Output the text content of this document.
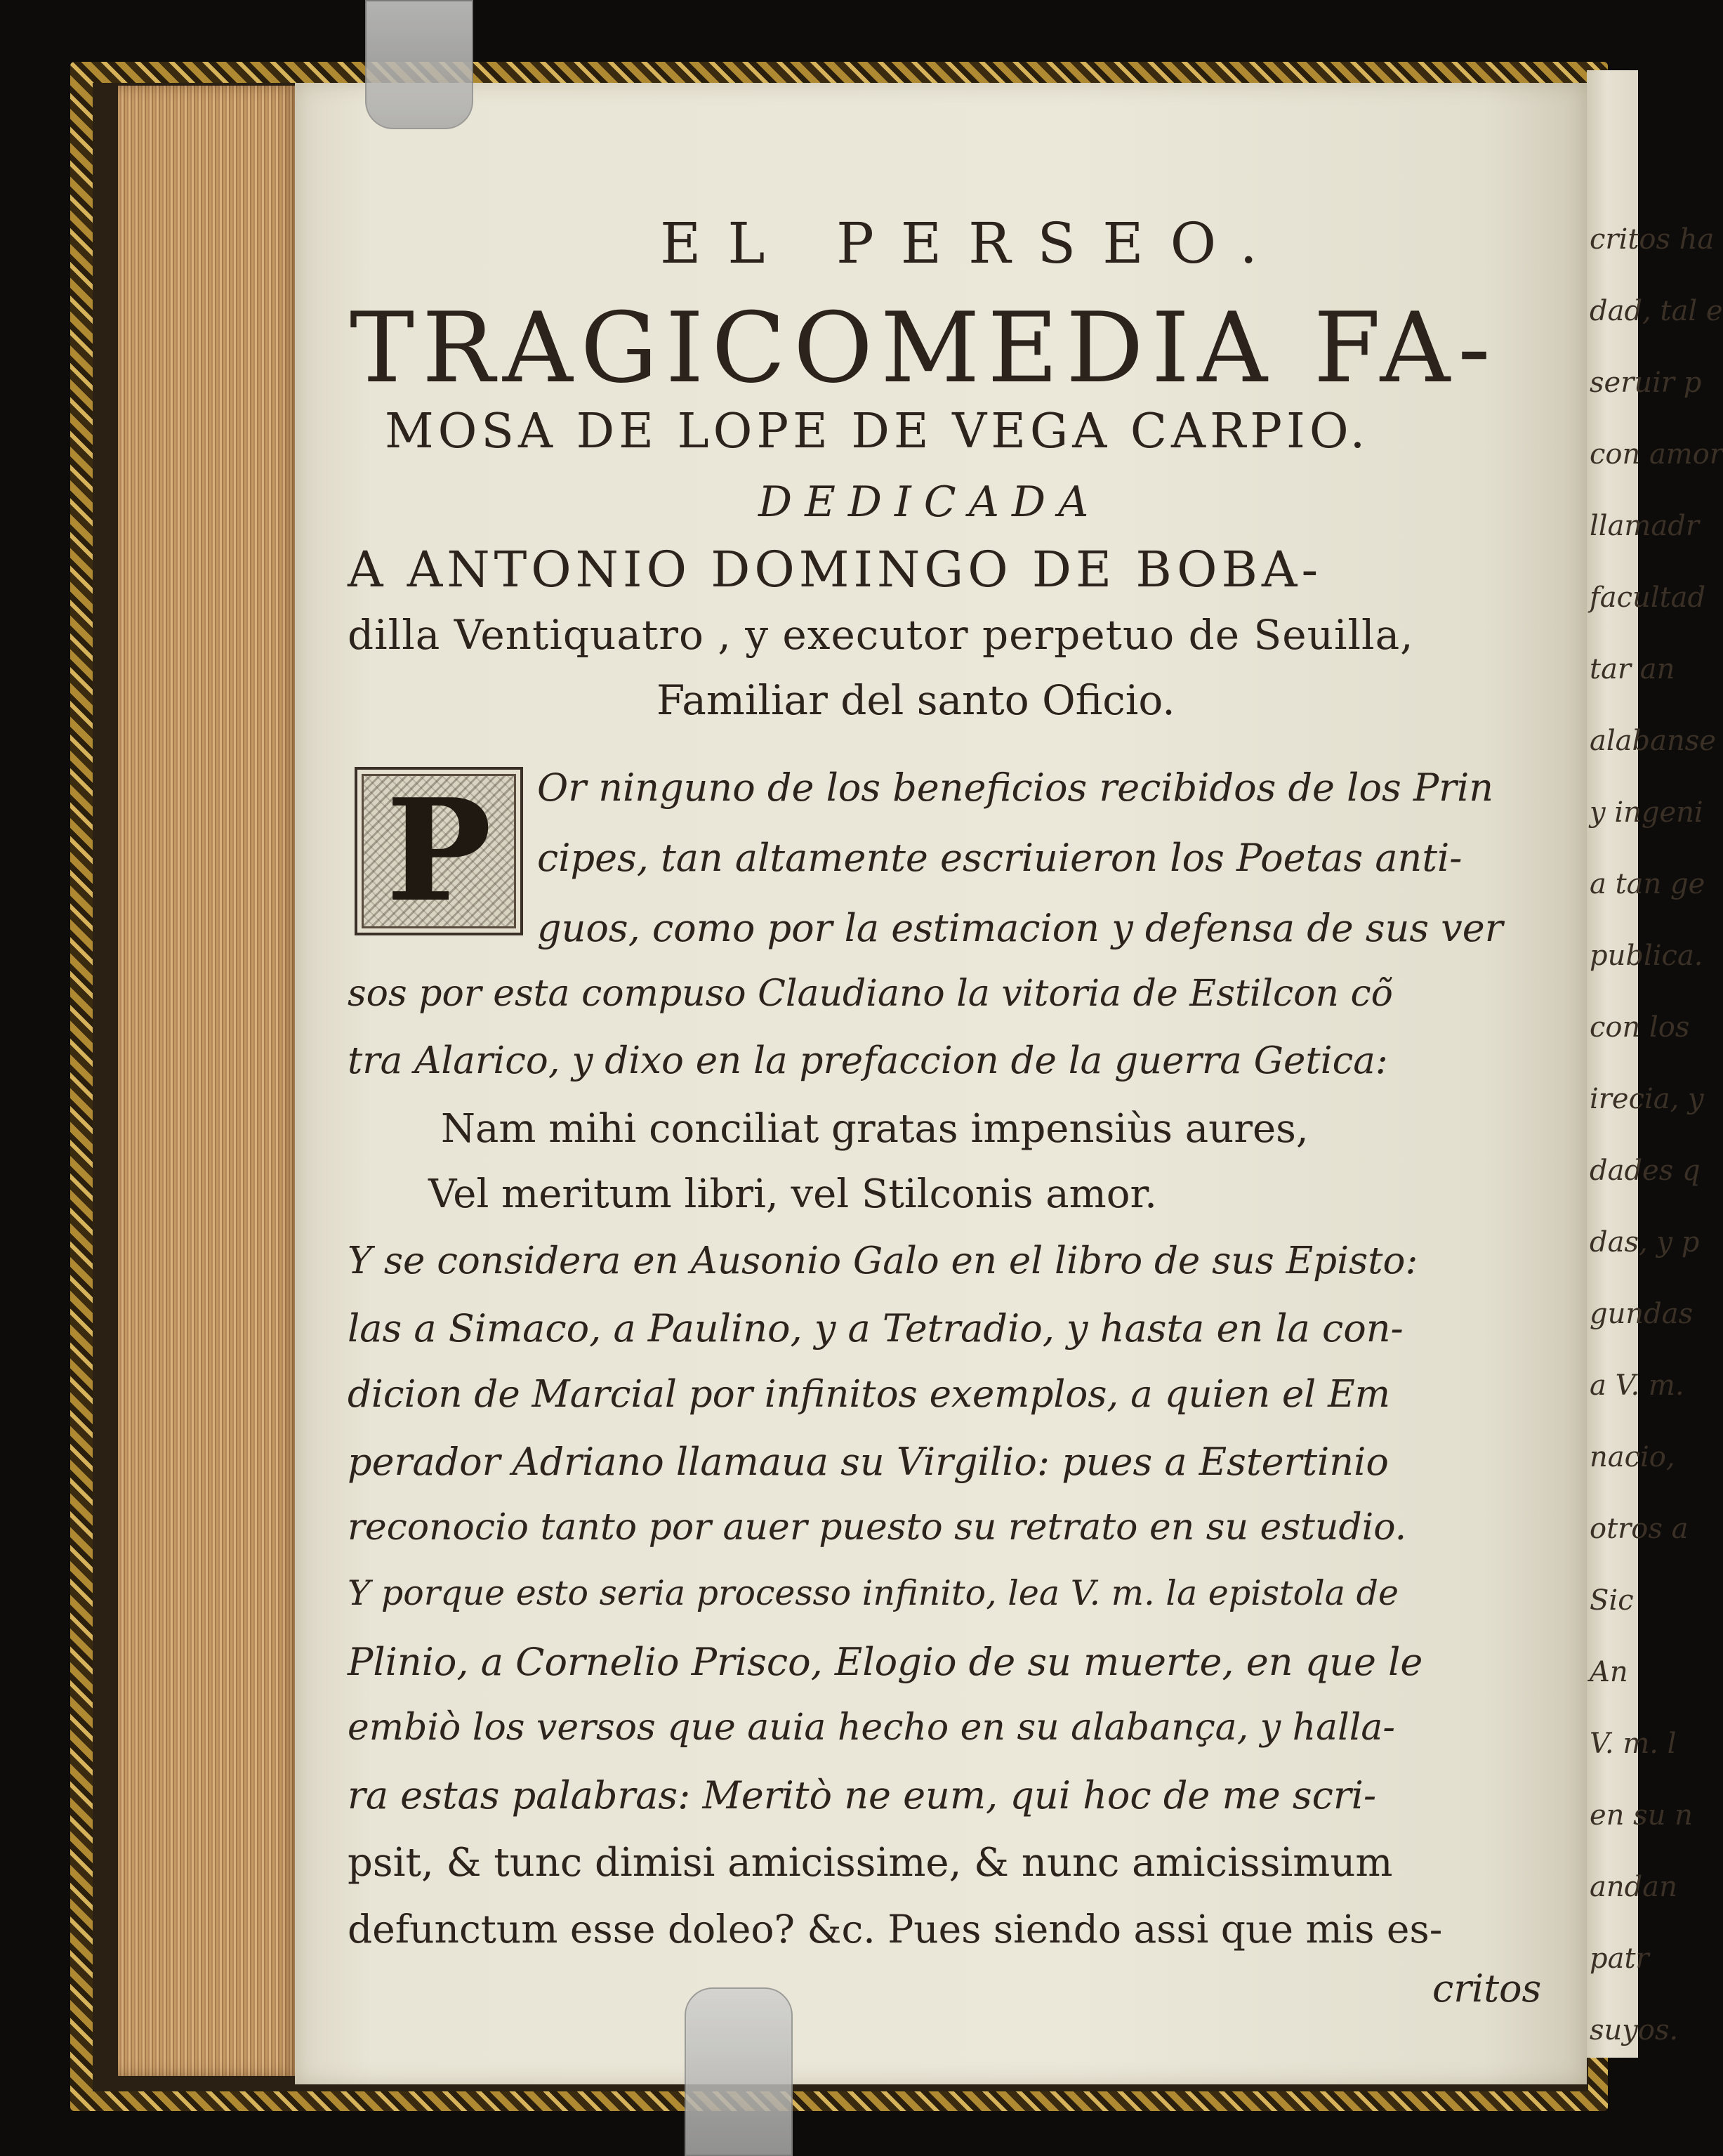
critos ha
dad, tal e
seruir p
con amor
llamadr
facultad
tar an
alabanse
y ingeni
a tan ge
publica.
con los
irecia, y
dades q
das, y p
gundas
a V. m.
nacio,
otros a
Sic
An
V. m. l
en su n
andan
patr
suyos.
EL PERSEO.
TRAGICOMEDIA FA-
MOSA DE LOPE DE VEGA CARPIO.
DEDICADA
A ANTONIO DOMINGO DE BOBA-
dilla Ventiquatro , y executor perpetuo de Seuilla,
Familiar del santo Oficio.
P	Or ninguno de los beneficios recibidos de los Prin
cipes, tan altamente escriuieron los Poetas anti-
guos, como por la estimacion y defensa de sus ver
sos por esta compuso Claudiano la vitoria de Estilcon cõ
tra Alarico, y dixo en la prefaccion de la guerra Getica:
Nam mihi conciliat gratas impensiùs aures,
Vel meritum libri, vel Stilconis amor.
Y se considera en Ausonio Galo en el libro de sus Episto:
las a Simaco, a Paulino, y a Tetradio, y hasta en la con-
dicion de Marcial por infinitos exemplos, a quien el Em
perador Adriano llamaua su Virgilio: pues a Estertinio
reconocio tanto por auer puesto su retrato en su estudio.
Y porque esto seria processo infinito, lea V. m. la epistola de
Plinio, a Cornelio Prisco, Elogio de su muerte, en que le
embiò los versos que auia hecho en su alabança, y halla-
ra estas palabras: Meritò ne eum, qui hoc de me scri-
psit, & tunc dimisi amicissime, & nunc amicissimum
defunctum esse doleo? &c. Pues siendo assi que mis es-
critos
